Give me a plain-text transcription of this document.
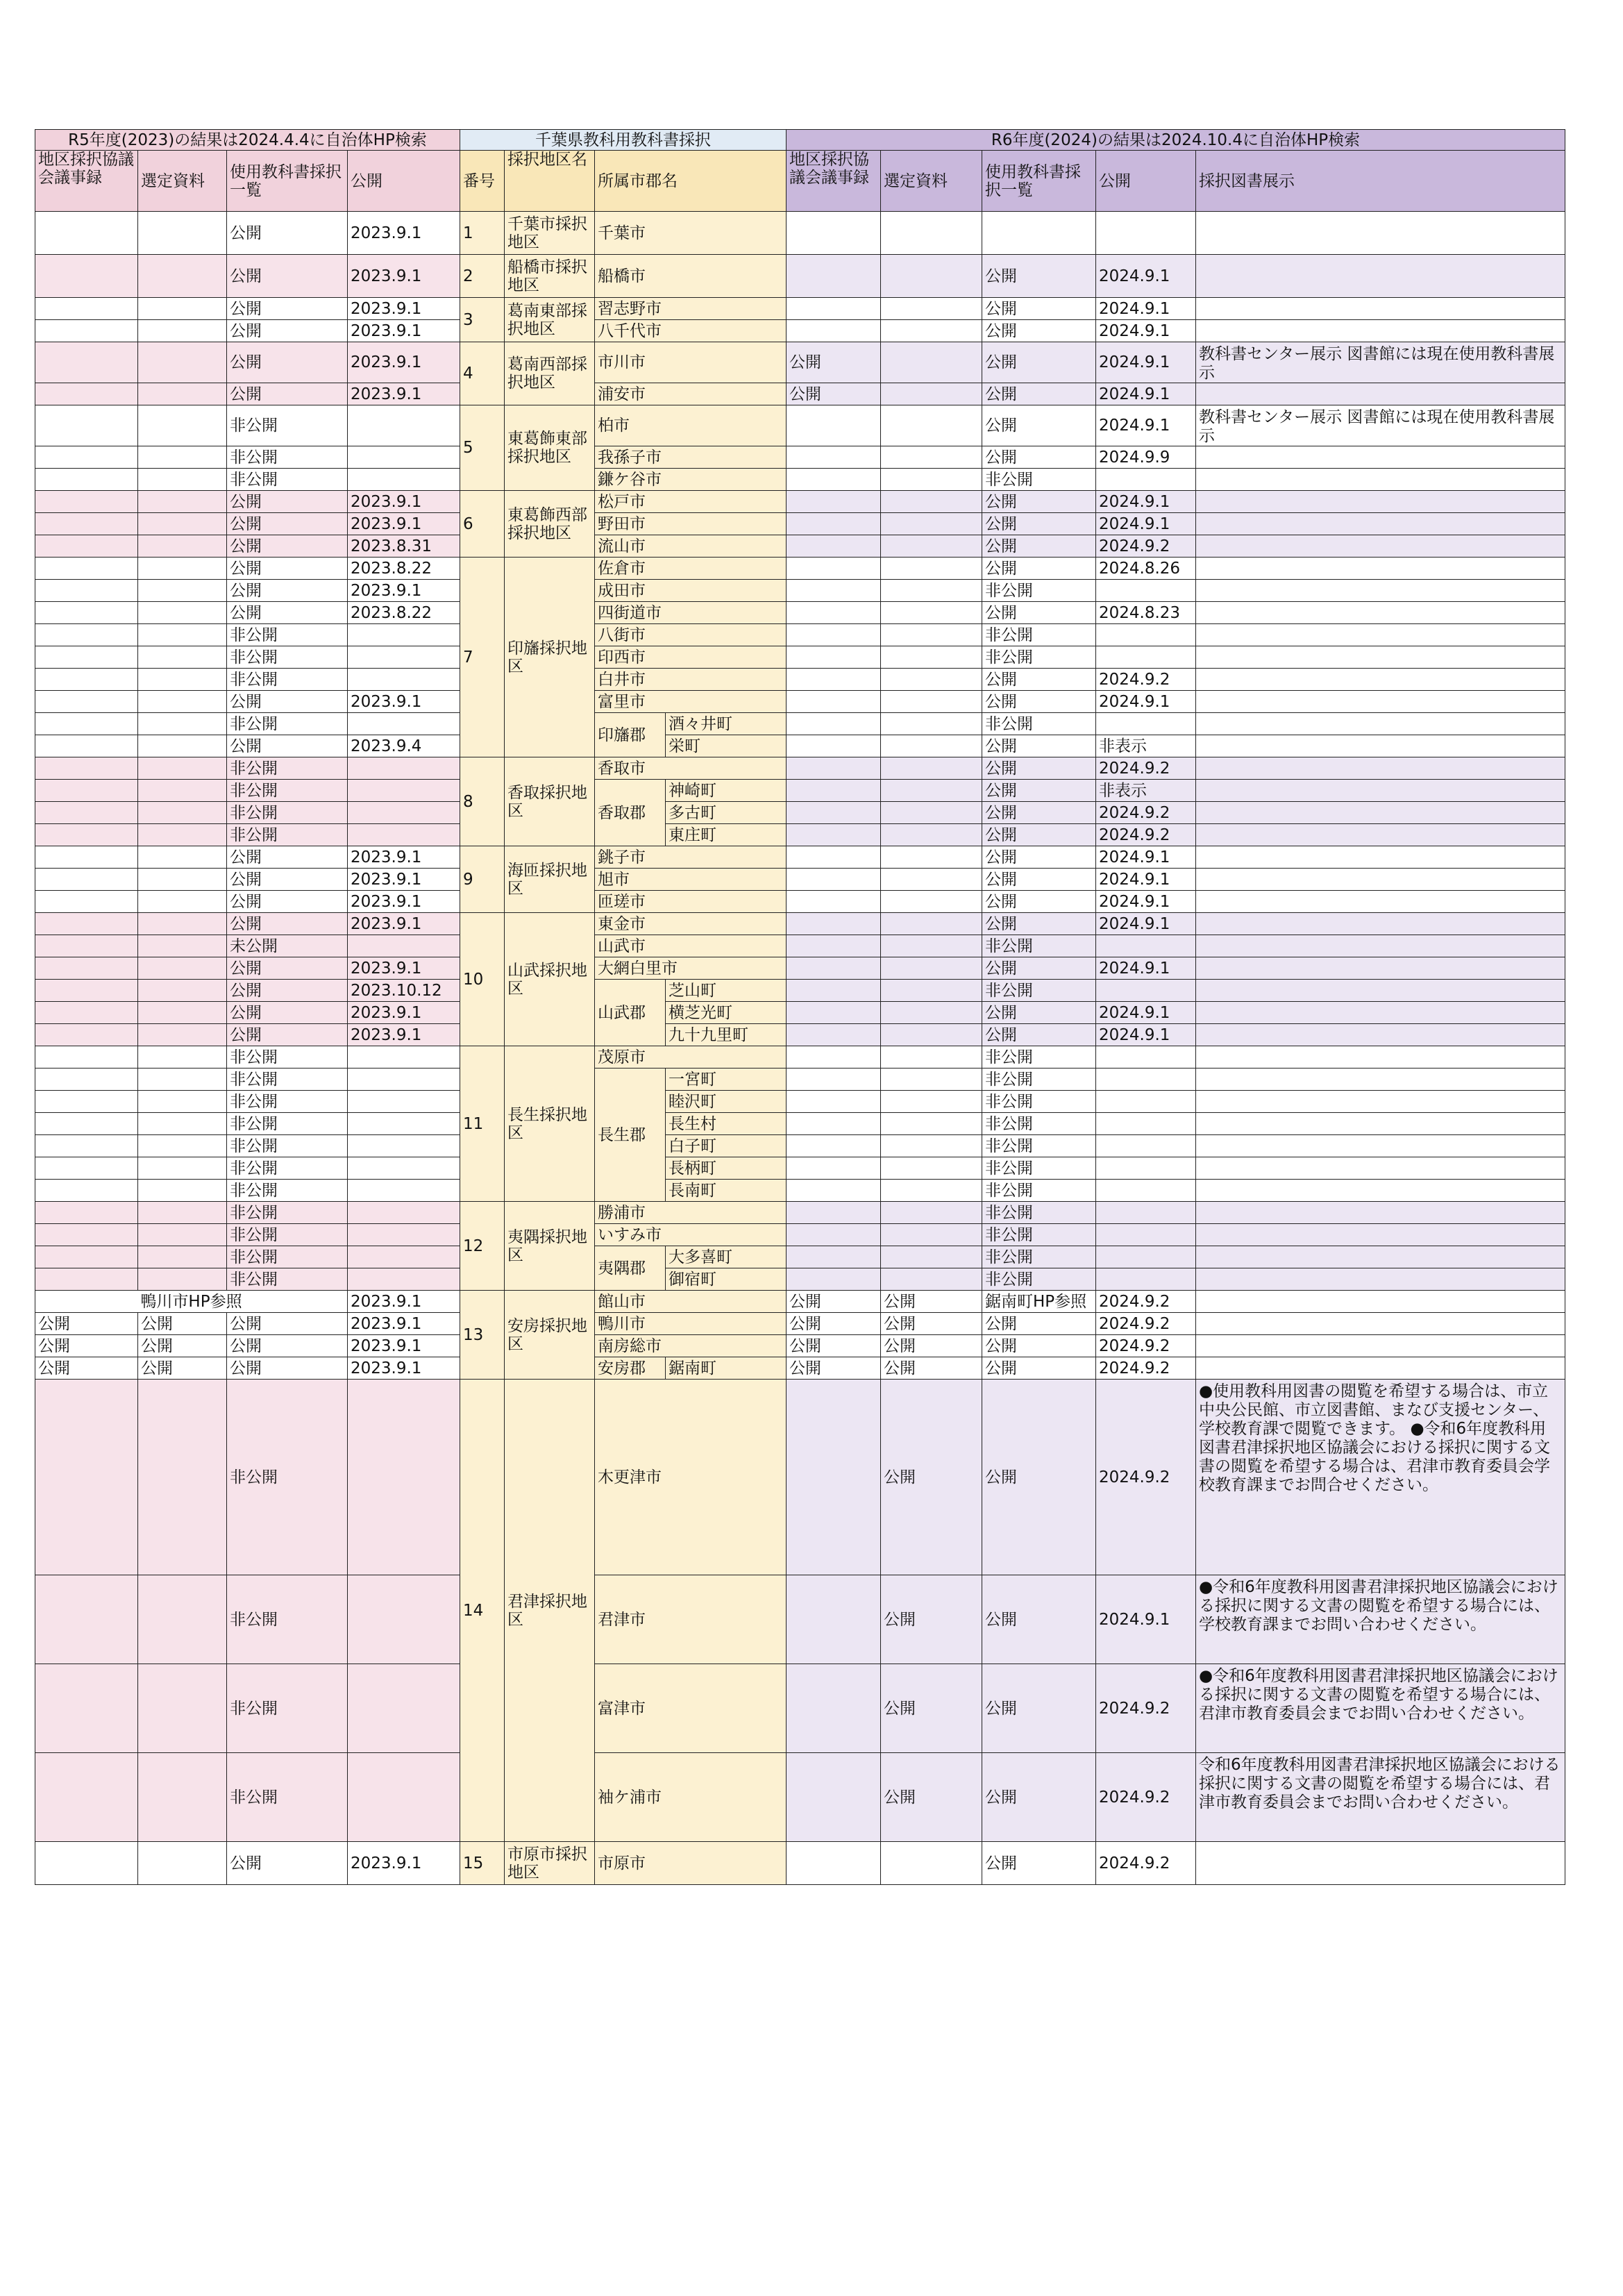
R5年度(2023)の結果は2024.4.4に自治体HP検索				千葉県教科用教科書採択				R6年度(2024)の結果は2024.10.4に自治体HP検索				
地区採択協議会議事録	選定資料	使用教科書採択一覧	公開	番号	採択地区名	所属市郡名		地区採択協議会議事録	選定資料	使用教科書採択一覧	公開	採択図書展示
		公開	2023.9.1	1	千葉市採択地区	千葉市						
		公開	2023.9.1	2	船橋市採択地区	船橋市				公開	2024.9.1	
		公開	2023.9.1	3	葛南東部採択地区	習志野市				公開	2024.9.1	
		公開	2023.9.1			八千代市				公開	2024.9.1	
		公開	2023.9.1	4	葛南西部採択地区	市川市		公開		公開	2024.9.1	教科書センター展示 図書館には現在使用教科書展示
		公開	2023.9.1			浦安市		公開		公開	2024.9.1	
		非公開		5	東葛飾東部採択地区	柏市				公開	2024.9.1	教科書センター展示 図書館には現在使用教科書展示
		非公開				我孫子市				公開	2024.9.9	
		非公開				鎌ケ谷市				非公開		
		公開	2023.9.1	6	東葛飾西部採択地区	松戸市				公開	2024.9.1	
		公開	2023.9.1			野田市				公開	2024.9.1	
		公開	2023.8.31			流山市				公開	2024.9.2	
		公開	2023.8.22	7	印旛採択地区	佐倉市				公開	2024.8.26	
		公開	2023.9.1			成田市				非公開		
		公開	2023.8.22			四街道市				公開	2024.8.23	
		非公開				八街市				非公開		
		非公開				印西市				非公開		
		非公開				白井市				公開	2024.9.2	
		公開	2023.9.1			富里市				公開	2024.9.1	
		非公開				印旛郡	酒々井町			非公開		
		公開	2023.9.4				栄町			公開	非表示	
		非公開		8	香取採択地区	香取市				公開	2024.9.2	
		非公開				香取郡	神崎町			公開	非表示	
		非公開					多古町			公開	2024.9.2	
		非公開					東庄町			公開	2024.9.2	
		公開	2023.9.1	9	海匝採択地区	銚子市				公開	2024.9.1	
		公開	2023.9.1			旭市				公開	2024.9.1	
		公開	2023.9.1			匝瑳市				公開	2024.9.1	
		公開	2023.9.1	10	山武採択地区	東金市				公開	2024.9.1	
		未公開				山武市				非公開		
		公開	2023.9.1			大網白里市				公開	2024.9.1	
		公開	2023.10.12			山武郡	芝山町			非公開		
		公開	2023.9.1				横芝光町			公開	2024.9.1	
		公開	2023.9.1				九十九里町			公開	2024.9.1	
		非公開		11	長生採択地区	茂原市				非公開		
		非公開				長生郡	一宮町			非公開		
		非公開					睦沢町			非公開		
		非公開					長生村			非公開		
		非公開					白子町			非公開		
		非公開					長柄町			非公開		
		非公開					長南町			非公開		
		非公開		12	夷隅採択地区	勝浦市				非公開		
		非公開				いすみ市				非公開		
		非公開				夷隅郡	大多喜町			非公開		
		非公開					御宿町			非公開		
鴨川市HP参照			2023.9.1	13	安房採択地区	館山市		公開	公開	鋸南町HP参照	2024.9.2	
公開	公開	公開	2023.9.1			鴨川市		公開	公開	公開	2024.9.2	
公開	公開	公開	2023.9.1			南房総市		公開	公開	公開	2024.9.2	
公開	公開	公開	2023.9.1			安房郡	鋸南町	公開	公開	公開	2024.9.2	
		非公開		14	君津採択地区	木更津市			公開	公開	2024.9.2	●使用教科用図書の閲覧を希望する場合は、市立中央公民館、市立図書館、まなび支援センター、学校教育課で閲覧できます。 ●令和6年度教科用図書君津採択地区協議会における採択に関する文書の閲覧を希望する場合は、君津市教育委員会学校教育課までお問合せください。
		非公開				君津市			公開	公開	2024.9.1	●令和6年度教科用図書君津採択地区協議会における採択に関する文書の閲覧を希望する場合には、学校教育課までお問い合わせください。
		非公開				富津市			公開	公開	2024.9.2	●令和6年度教科用図書君津採択地区協議会における採択に関する文書の閲覧を希望する場合には、君津市教育委員会までお問い合わせください。
		非公開				袖ケ浦市			公開	公開	2024.9.2	令和6年度教科用図書君津採択地区協議会における採択に関する文書の閲覧を希望する場合には、君津市教育委員会までお問い合わせください。
		公開	2023.9.1	15	市原市採択地区	市原市				公開	2024.9.2	
